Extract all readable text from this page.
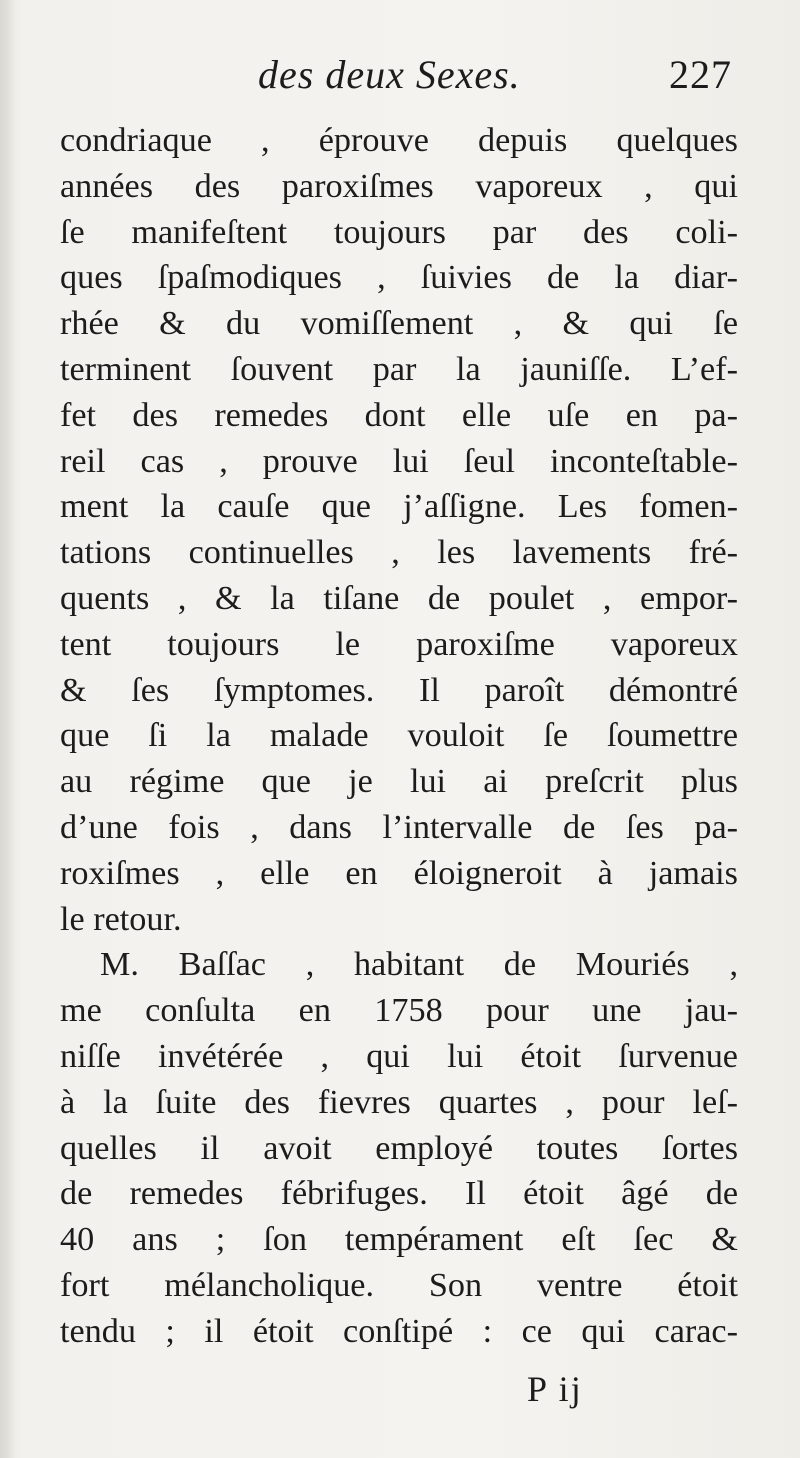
des deux Sexes.	227
condriaque , éprouve depuis quelques
années des paroxiſmes vaporeux , qui
ſe manifeſtent toujours par des coli-
ques ſpaſmodiques , ſuivies de la diar-
rhée & du vomiſſement , & qui ſe
terminent ſouvent par la jauniſſe. L’ef-
fet des remedes dont elle uſe en pa-
reil cas , prouve lui ſeul inconteſtable-
ment la cauſe que j’aſſigne. Les fomen-
tations continuelles , les lavements fré-
quents , & la tiſane de poulet , empor-
tent toujours le paroxiſme vaporeux
& ſes ſymptomes. Il paroît démontré
que ſi la malade vouloit ſe ſoumettre
au régime que je lui ai preſcrit plus
d’une fois , dans l’intervalle de ſes pa-
roxiſmes , elle en éloigneroit à jamais
le retour.
M. Baſſac , habitant de Mouriés ,
me conſulta en 1758 pour une jau-
niſſe invétérée , qui lui étoit ſurvenue
à la ſuite des fievres quartes , pour leſ-
quelles il avoit employé toutes ſortes
de remedes fébrifuges. Il étoit âgé de
40 ans ; ſon tempérament eſt ſec &
fort mélancholique. Son ventre étoit
tendu ; il étoit conſtipé : ce qui carac-
P ij
